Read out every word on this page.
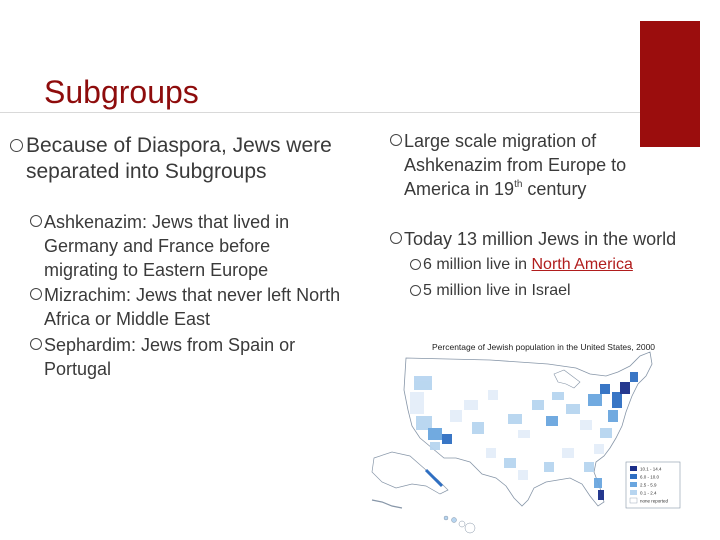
Subgroups
Because of Diaspora, Jews were separated into Subgroups
Ashkenazim: Jews that lived in Germany and France before migrating to Eastern Europe
Mizrachim: Jews that never left North Africa or Middle East
Sephardim: Jews from Spain or Portugal
Large scale migration of Ashkenazim from Europe to America in 19th century
Today 13 million Jews in the world
6 million live in North America
5 million live in Israel
Percentage of Jewish population in the United States, 2000
10.1 - 14.4
6.0 - 10.0
2.5 - 5.9
0.1 - 2.4
none reported
